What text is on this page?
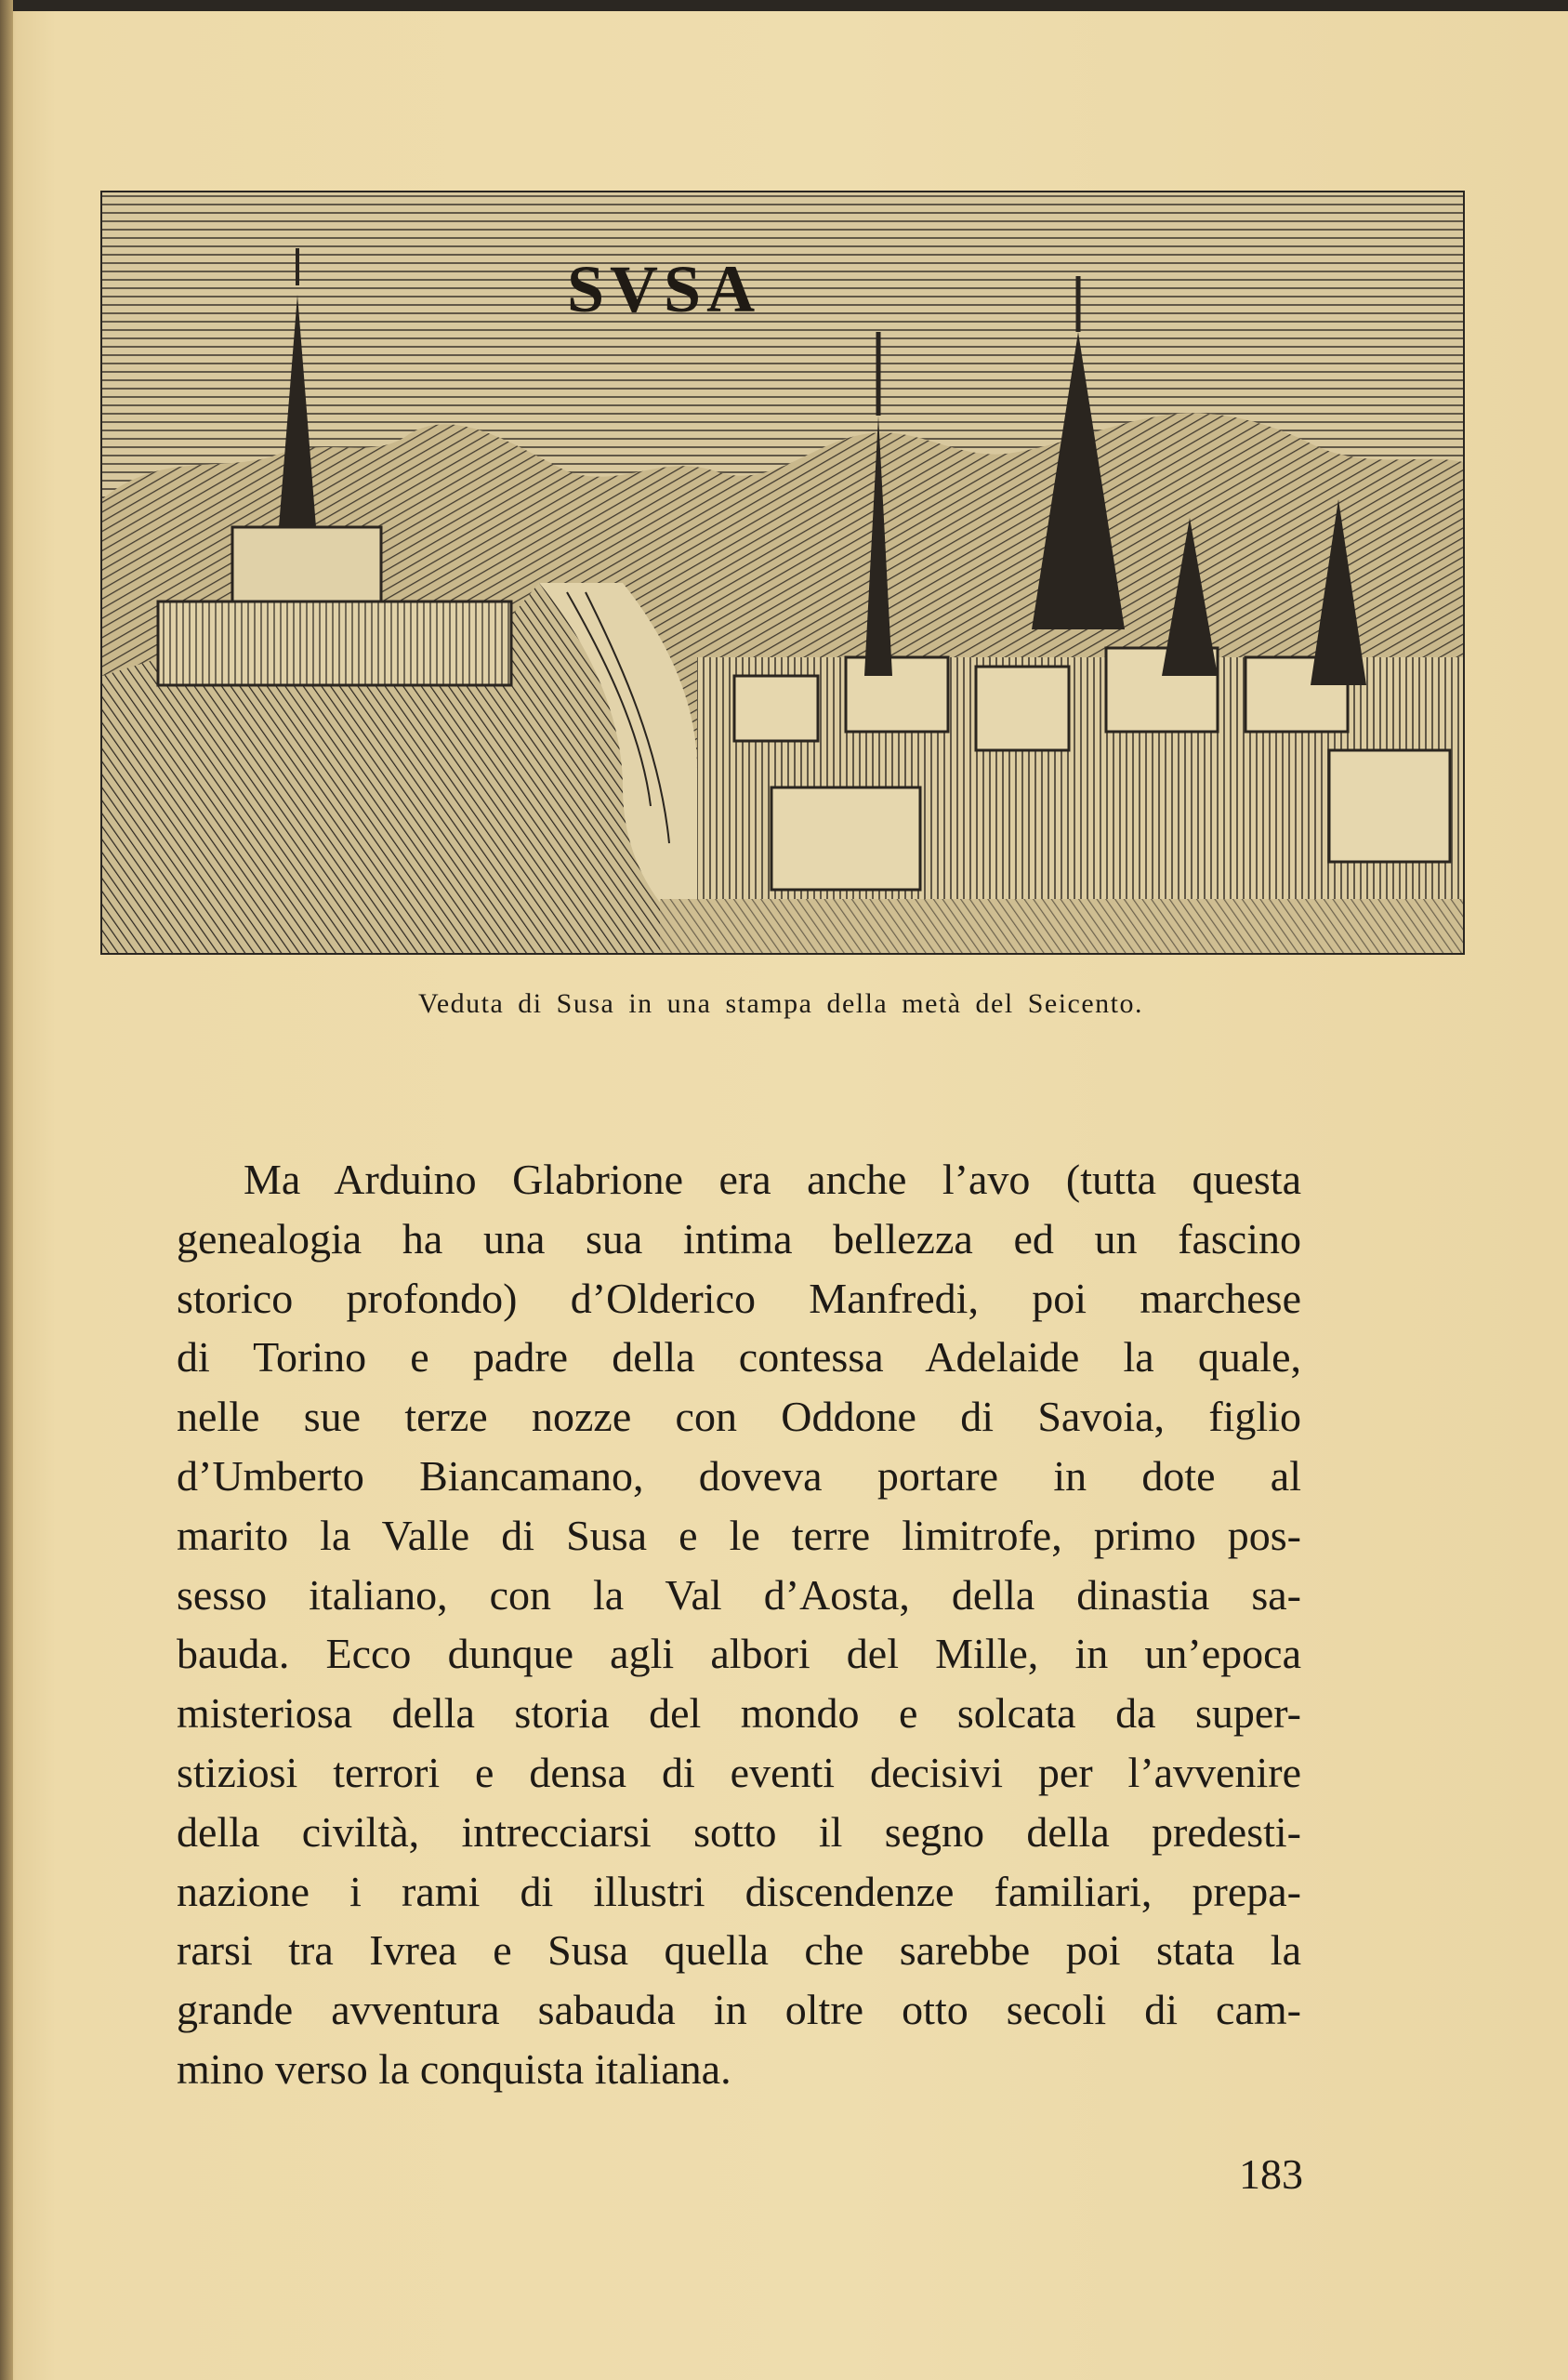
SVSA
Veduta di Susa in una stampa della metà del Seicento.
Ma Arduino Glabrione era anche l’avo (tutta questa
genealogia ha una sua intima bellezza ed un fascino
storico profondo) d’Olderico Manfredi, poi marchese
di Torino e padre della contessa Adelaide la quale,
nelle sue terze nozze con Oddone di Savoia, figlio
d’Umberto Biancamano, doveva portare in dote al
marito la Valle di Susa e le terre limitrofe, primo pos-
sesso italiano, con la Val d’Aosta, della dinastia sa-
bauda. Ecco dunque agli albori del Mille, in un’epoca
misteriosa della storia del mondo e solcata da super-
stiziosi terrori e densa di eventi decisivi per l’avvenire
della civiltà, intrecciarsi sotto il segno della predesti-
nazione i rami di illustri discendenze familiari, prepa-
rarsi tra Ivrea e Susa quella che sarebbe poi stata la
grande avventura sabauda in oltre otto secoli di cam-
mino verso la conquista italiana.
183
